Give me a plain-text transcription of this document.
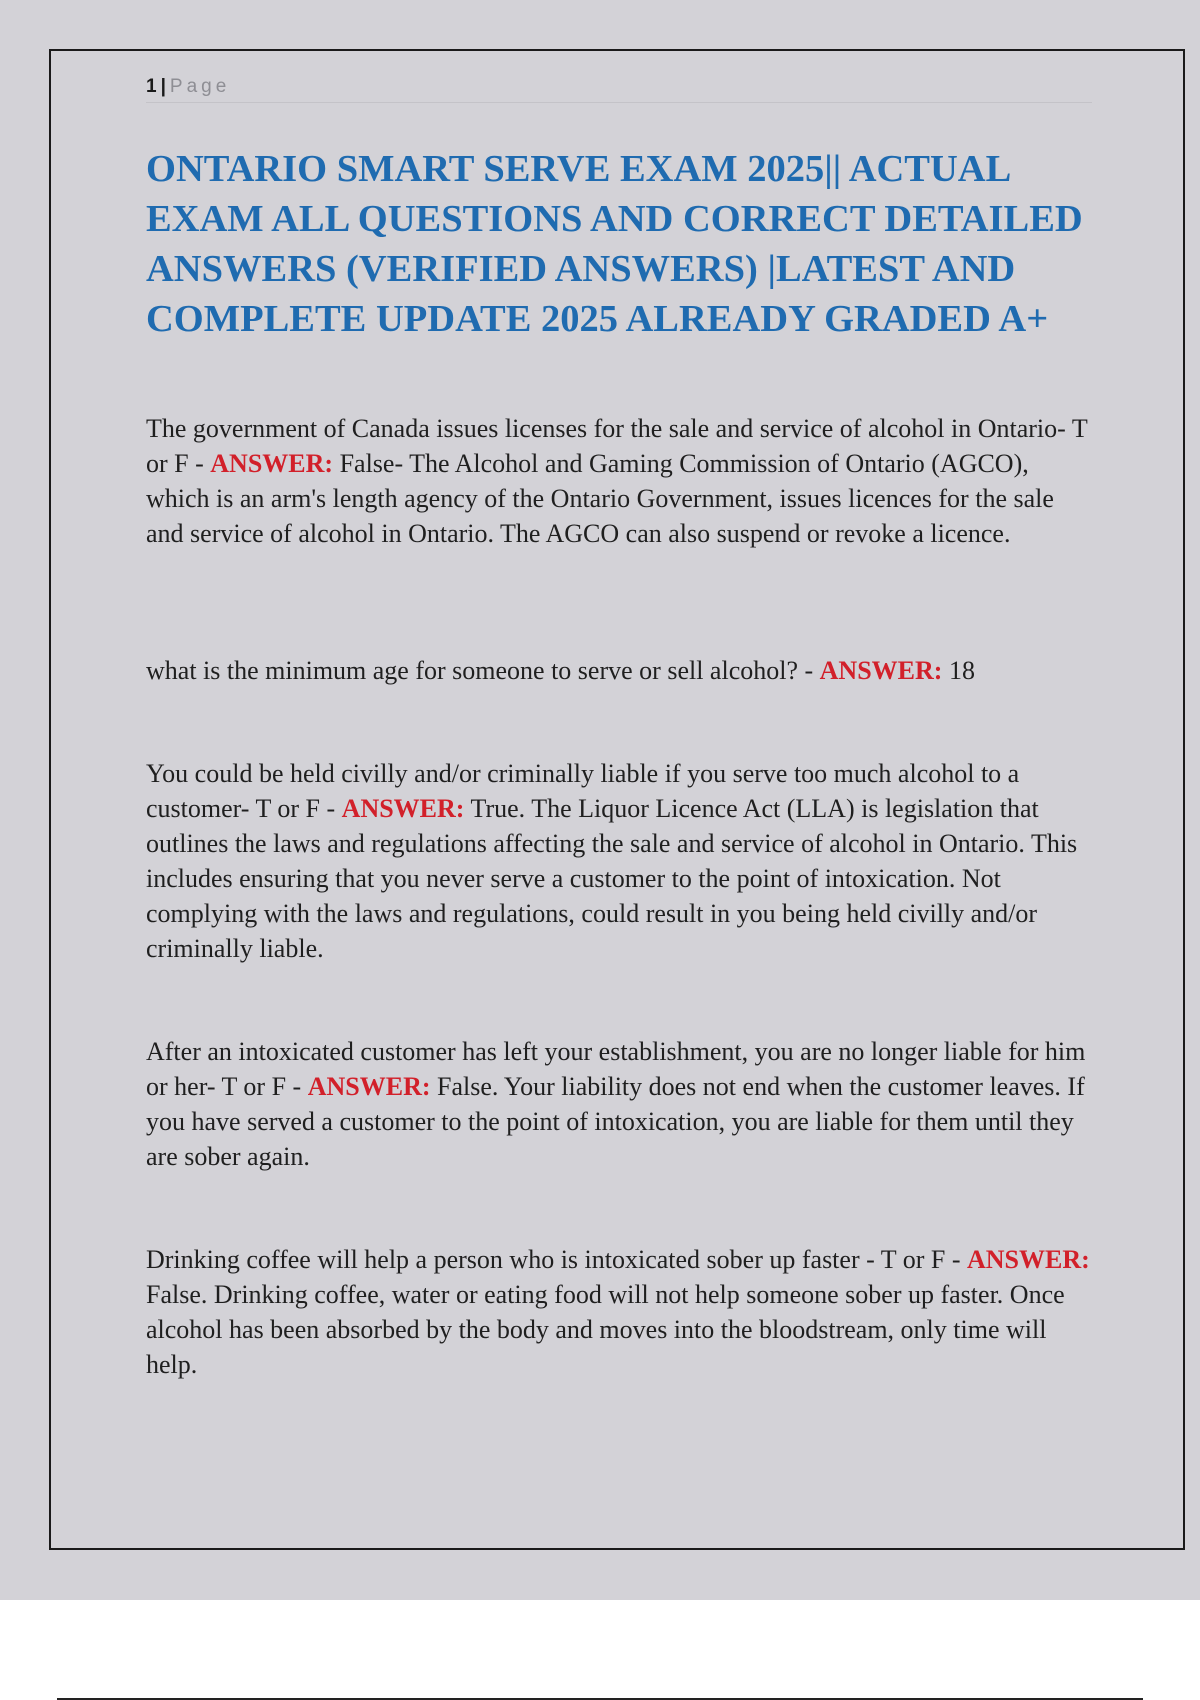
1 | Page
ONTARIO SMART SERVE EXAM 2025|| ACTUAL EXAM ALL QUESTIONS AND CORRECT DETAILED ANSWERS (VERIFIED ANSWERS) |LATEST AND COMPLETE UPDATE 2025 ALREADY GRADED A+

The government of Canada issues licenses for the sale and service of alcohol in Ontario- T or F - ANSWER: False- The Alcohol and Gaming Commission of Ontario (AGCO), which is an arm's length agency of the Ontario Government, issues licences for the sale and service of alcohol in Ontario. The AGCO can also suspend or revoke a licence.

what is the minimum age for someone to serve or sell alcohol? - ANSWER: 18

You could be held civilly and/or criminally liable if you serve too much alcohol to a customer- T or F - ANSWER: True. The Liquor Licence Act (LLA) is legislation that outlines the laws and regulations affecting the sale and service of alcohol in Ontario. This includes ensuring that you never serve a customer to the point of intoxication. Not complying with the laws and regulations, could result in you being held civilly and/or criminally liable.

After an intoxicated customer has left your establishment, you are no longer liable for him or her- T or F - ANSWER: False. Your liability does not end when the customer leaves. If you have served a customer to the point of intoxication, you are liable for them until they are sober again.

Drinking coffee will help a person who is intoxicated sober up faster - T or F - ANSWER: False. Drinking coffee, water or eating food will not help someone sober up faster. Once alcohol has been absorbed by the body and moves into the bloodstream, only time will help.
